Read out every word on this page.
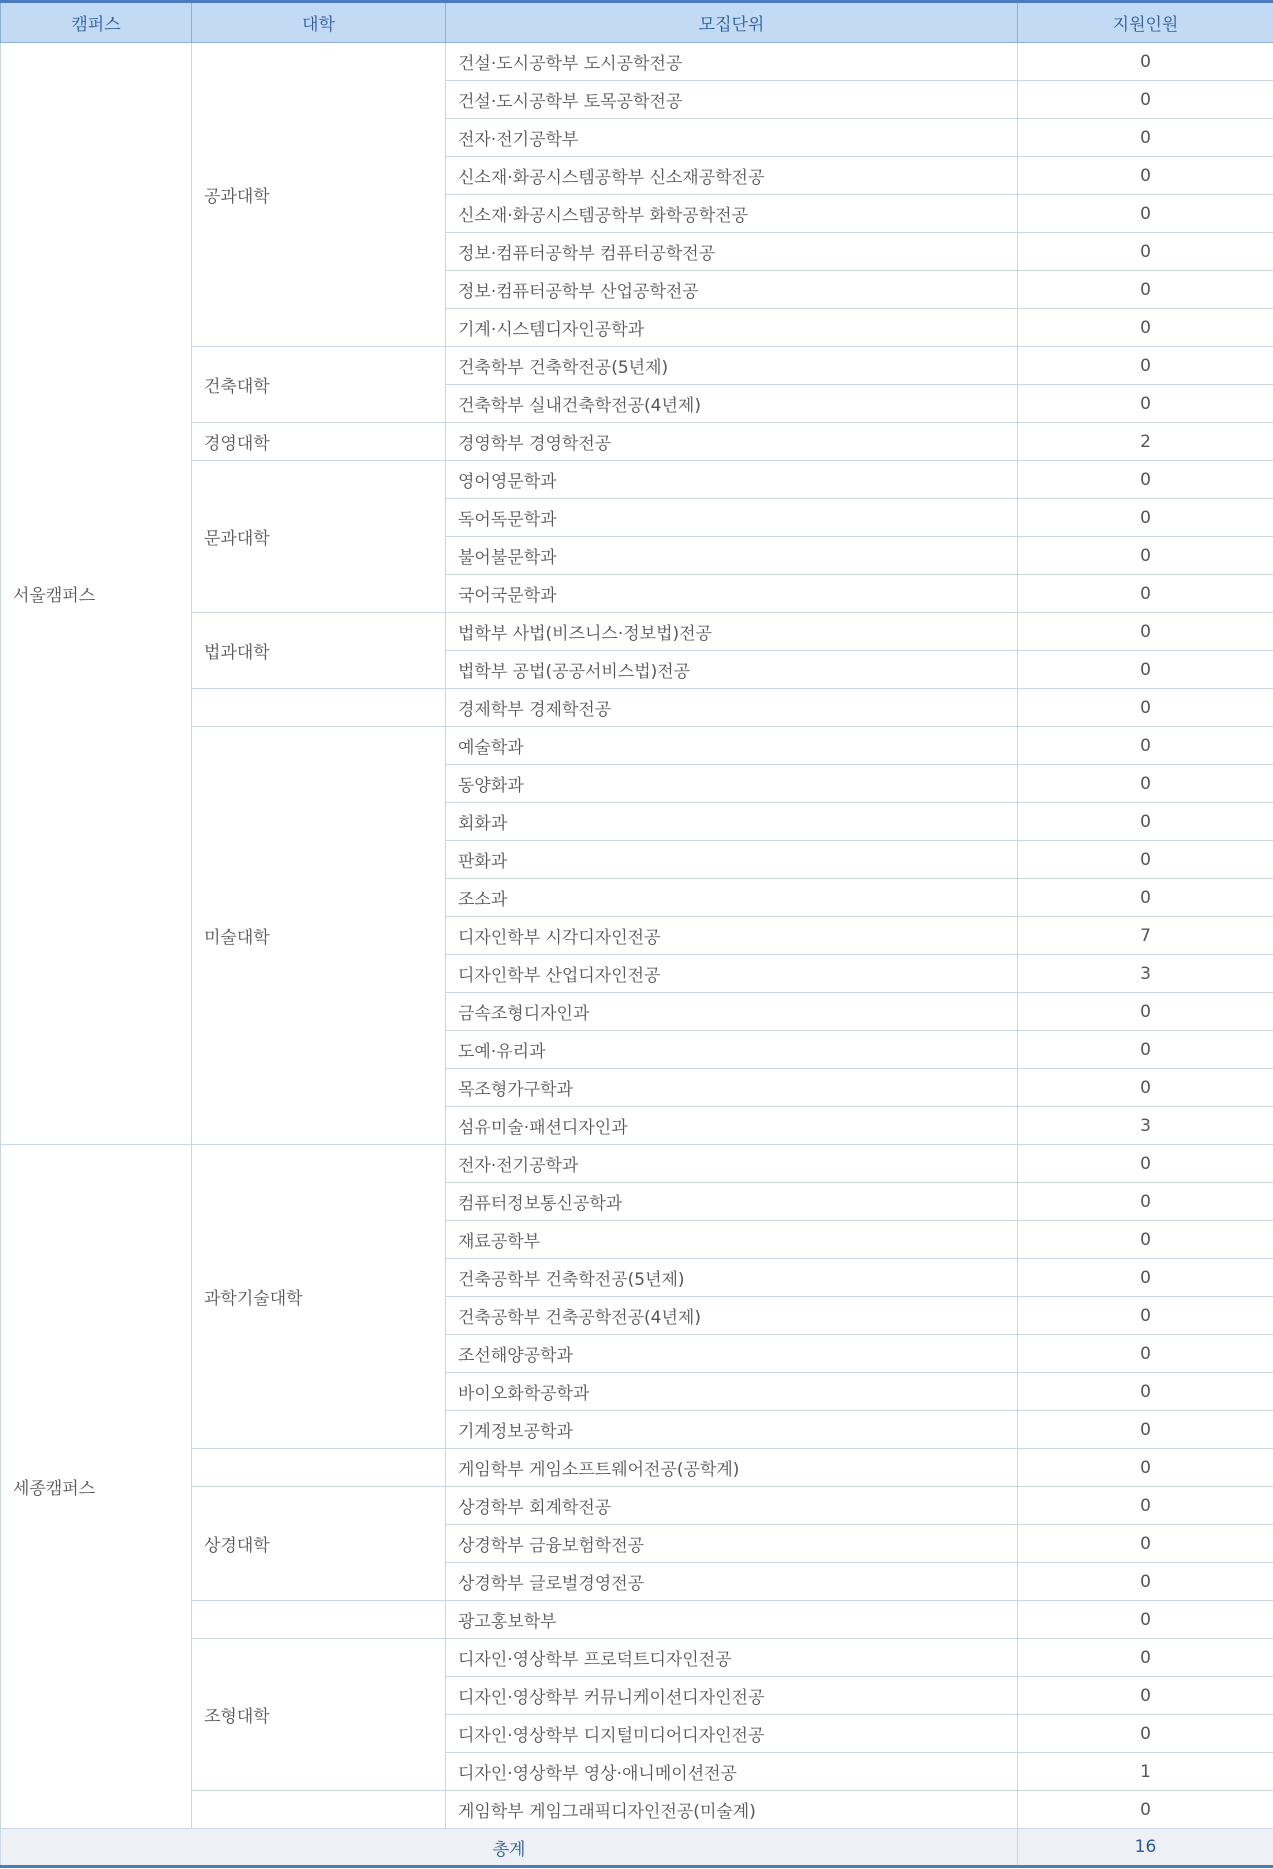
캠퍼스	대학	모집단위	지원인원
서울캠퍼스	공과대학	건설·도시공학부 도시공학전공	0
		건설·도시공학부 토목공학전공	0
		전자·전기공학부	0
		신소재·화공시스템공학부 신소재공학전공	0
		신소재·화공시스템공학부 화학공학전공	0
		정보·컴퓨터공학부 컴퓨터공학전공	0
		정보·컴퓨터공학부 산업공학전공	0
		기계·시스템디자인공학과	0
	건축대학	건축학부 건축학전공(5년제)	0
		건축학부 실내건축학전공(4년제)	0
	경영대학	경영학부 경영학전공	2
	문과대학	영어영문학과	0
		독어독문학과	0
		불어불문학과	0
		국어국문학과	0
	법과대학	법학부 사법(비즈니스·정보법)전공	0
		법학부 공법(공공서비스법)전공	0
		경제학부 경제학전공	0
	미술대학	예술학과	0
		동양화과	0
		회화과	0
		판화과	0
		조소과	0
		디자인학부 시각디자인전공	7
		디자인학부 산업디자인전공	3
		금속조형디자인과	0
		도예·유리과	0
		목조형가구학과	0
		섬유미술·패션디자인과	3
세종캠퍼스	과학기술대학	전자·전기공학과	0
		컴퓨터정보통신공학과	0
		재료공학부	0
		건축공학부 건축학전공(5년제)	0
		건축공학부 건축공학전공(4년제)	0
		조선해양공학과	0
		바이오화학공학과	0
		기계정보공학과	0
		게임학부 게임소프트웨어전공(공학계)	0
	상경대학	상경학부 회계학전공	0
		상경학부 금융보험학전공	0
		상경학부 글로벌경영전공	0
		광고홍보학부	0
	조형대학	디자인·영상학부 프로덕트디자인전공	0
		디자인·영상학부 커뮤니케이션디자인전공	0
		디자인·영상학부 디지털미디어디자인전공	0
		디자인·영상학부 영상·애니메이션전공	1
		게임학부 게임그래픽디자인전공(미술계)	0
총계			16
